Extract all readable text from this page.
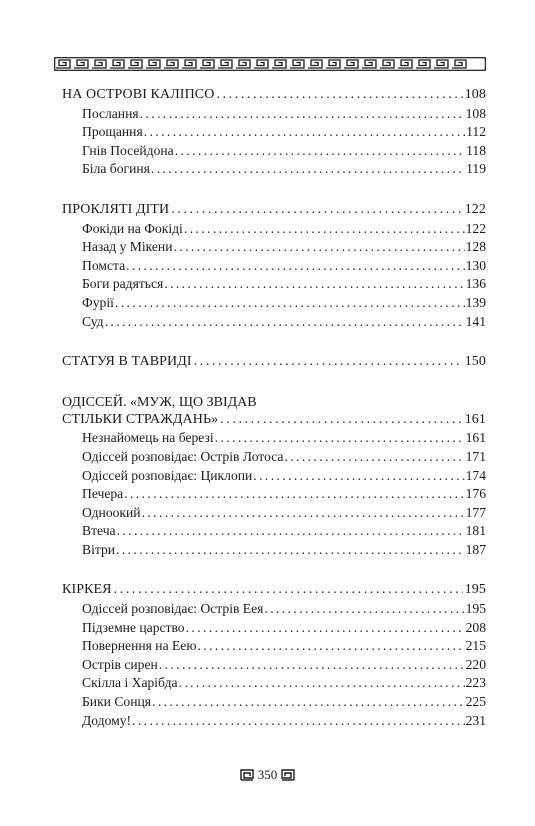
НА ОСТРОВІ КАЛІПСО .....	108
Послання .....	108
Прощання .....	112
Гнів Посейдона .....	118
Біла богиня .....	119
ПРОКЛЯТІ ДІТИ .....	122
Фокіди на Фокіді .....	122
Назад у Мікени .....	128
Помста .....	130
Боги радяться .....	136
Фурії .....	139
Суд .....	141
СТАТУЯ В ТАВРИДІ .....	150
ОДІССЕЙ. «МУЖ, ЩО ЗВІДАВ
СТІЛЬКИ СТРАЖДАНЬ» .....	161
Незнайомець на березі .....	161
Одіссей розповідає: Острів Лотоса .....	171
Одіссей розповідає: Циклопи .....	174
Печера .....	176
Одноокий .....	177
Втеча .....	181
Вітри .....	187
КІРКЕЯ .....	195
Одіссей розповідає: Острів Еея .....	195
Підземне царство .....	208
Повернення на Еею .....	215
Острів сирен .....	220
Скілла і Харібда .....	223
Бики Сонця .....	225
Додому! .....	231
350
